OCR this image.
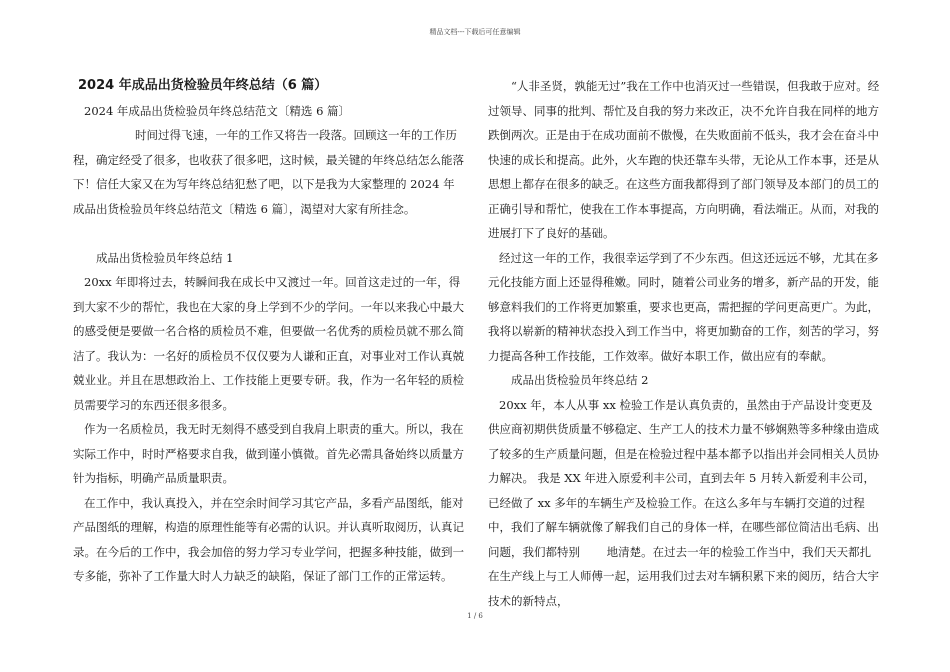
精品文档---下载后可任意编辑

2024 年成品出货检验员年终总结（6 篇）

2024 年成品出货检验员年终总结范文〔精选 6 篇〕

时间过得飞速，一年的工作又将告一段落。回顾这一年的工作历程，确定经受了很多，也收获了很多吧，这时候，最关键的年终总结怎么能落下！信任大家又在为写年终总结犯愁了吧，以下是我为大家整理的 2024 年成品出货检验员年终总结范文〔精选 6 篇〕，渴望对大家有所挂念。

成品出货检验员年终总结 1

20xx 年即将过去，转瞬间我在成长中又渡过一年。回首这走过的一年，得到大家不少的帮忙，我也在大家的身上学到不少的学问。一年以来我心中最大的感受便是要做一名合格的质检员不难，但要做一名优秀的质检员就不那么简洁了。我认为：一名好的质检员不仅仅要为人谦和正直，对事业对工作认真兢兢业业。并且在思想政治上、工作技能上更要专研。我，作为一名年轻的质检员需要学习的东西还很多很多。

作为一名质检员，我无时无刻得不感受到自我肩上职责的重大。所以，我在实际工作中，时时严格要求自我，做到谨小慎微。首先必需具备始终以质量方针为指标，明确产品质量职责。

在工作中，我认真投入，并在空余时间学习其它产品，多看产品图纸，能对产品图纸的理解，构造的原理性能等有必需的认识。并认真听取阅历，认真记录。在今后的工作中，我会加倍的努力学习专业学问，把握多种技能，做到一专多能，弥补了工作量大时人力缺乏的缺陷，保证了部门工作的正常运转。

“人非圣贤，孰能无过”我在工作中也消灭过一些错误，但我敢于应对。经过领导、同事的批判、帮忙及自我的努力来改正，决不允许自我在同样的地方跌倒两次。正是由于在成功面前不傲慢，在失败面前不低头，我才会在奋斗中快速的成长和提高。此外，火车跑的快还靠车头带，无论从工作本事，还是从思想上都存在很多的缺乏。在这些方面我都得到了部门领导及本部门的员工的正确引导和帮忙，使我在工作本事提高，方向明确，看法端正。从而，对我的进展打下了良好的基础。

经过这一年的工作，我很幸运学到了不少东西。但这还远远不够，尤其在多元化技能方面上还显得稚嫩。同时，随着公司业务的增多，新产品的开发，能够意料我们的工作将更加繁重，要求也更高，需把握的学问更高更广。为此，我将以崭新的精神状态投入到工作当中，将更加勤奋的工作，刻苦的学习，努力提高各种工作技能，工作效率。做好本职工作，做出应有的奉献。

成品出货检验员年终总结 2

20xx 年，本人从事 xx 检验工作是认真负责的，虽然由于产品设计变更及供应商初期供货质量不够稳定、生产工人的技术力量不够娴熟等多种缘由造成了较多的生产质量问题，但是在检验过程中基本都予以指出并会同相关人员协力解决。 我是 XX 年进入原爱利丰公司，直到去年 5 月转入新爱利丰公司，已经做了 xx 多年的车辆生产及检验工作。在这么多年与车辆打交道的过程中，我们了解车辆就像了解我们自己的身体一样，在哪些部位简洁出毛病、出问题，我们都特别 　　地清楚。在过去一年的检验工作当中，我们天天都扎在生产线上与工人师傅一起，运用我们过去对车辆积累下来的阅历，结合大宇技术的新特点，

1 / 6
